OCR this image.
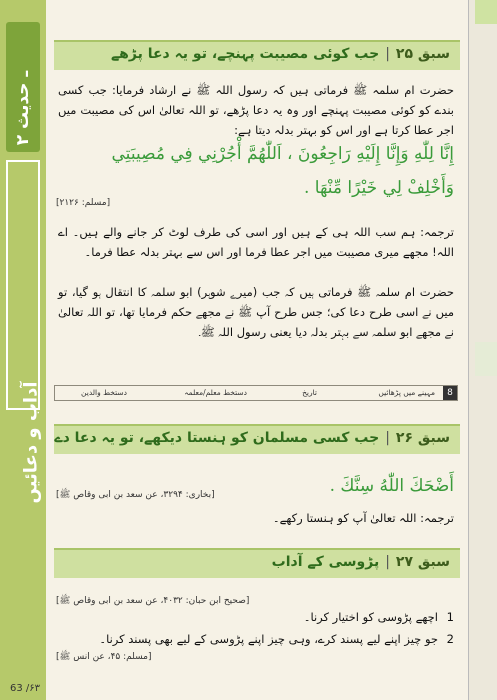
۲ ـ حدیث
آداب و دعائیں
سبق ۲۵|جب کوئی مصیبت پہنچے، تو یہ دعا پڑھے
حضرت ام سلمہ ﷺ فرماتی ہیں کہ رسول اللہ ﷺ نے ارشاد فرمایا: جب کسی بندے کو کوئی مصیبت پہنچے اور وہ یہ دعا پڑھے، تو اللہ تعالیٰ اس کی مصیبت میں اجر عطا کرتا ہے اور اس کو بہتر بدلہ دیتا ہے:
إِنَّا لِلّٰهِ وَإِنَّا إِلَيْهِ رَاجِعُونَ ، اَللّٰهُمَّ أْجُرْنِي فِي مُصِيبَتِي
وَأَخْلِفْ لِي خَيْرًا مِّنْهَا .
[مسلم: ۲۱۲۶]
ترجمہ: ہم سب اللہ ہی کے ہیں اور اسی کی طرف لوٹ کر جانے والے ہیں۔ اے اللہ! مجھے میری مصیبت میں اجر عطا فرما اور اس سے بہتر بدلہ عطا فرما۔
حضرت ام سلمہ ﷺ فرماتی ہیں کہ جب (میرے شوہر) ابو سلمہ کا انتقال ہو گیا، تو میں نے اسی طرح دعا کی؛ جس طرح آپ ﷺ نے مجھے حکم فرمایا تھا، تو اللہ تعالیٰ نے مجھے ابو سلمہ سے بہتر بدلہ دیا یعنی رسول اللہ ﷺ۔
8
مہینے میں پڑھائیں
تاریخ
دستخط معلم/معلمہ
دستخط والدین
سبق ۲۶|جب کسی مسلمان کو ہنستا دیکھے، تو یہ دعا دے
أَضْحَكَ اللّٰهُ سِنَّكَ .
[بخاری: ۳۲۹۴، عن سعد بن ابی وقاص ﷺ]
ترجمہ: اللہ تعالیٰ آپ کو ہنستا رکھے۔
سبق ۲۷|پڑوسی کے آداب
[صحیح ابن حبان: ۴۰۳۲، عن سعد بن ابی وقاص ﷺ]
1اچھے پڑوسی کو اختیار کرنا۔
2جو چیز اپنے لیے پسند کرے، وہی چیز اپنے پڑوسی کے لیے بھی پسند کرنا۔
[مسلم: ۴۵، عن انس ﷺ]
63 /۶۳
